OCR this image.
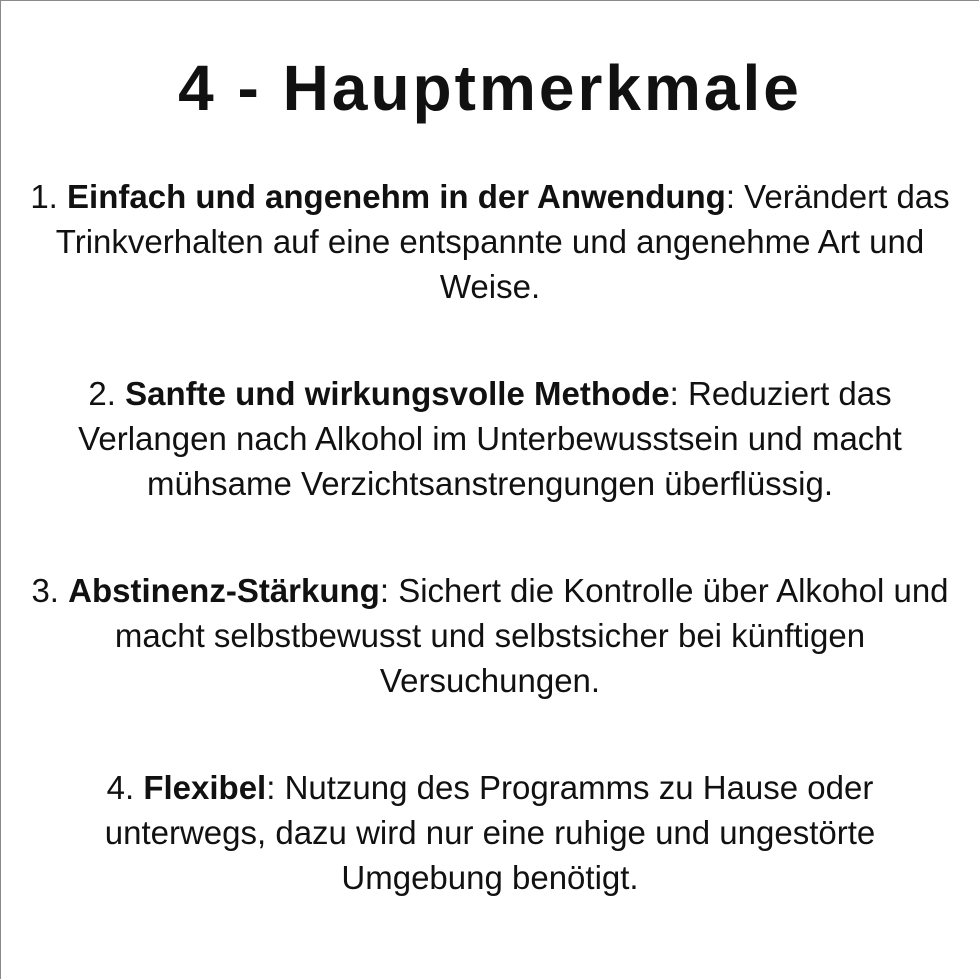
4 - Hauptmerkmale
1. Einfach und angenehm in der Anwendung: Verändert das Trinkverhalten auf eine entspannte und angenehme Art und Weise.
2. Sanfte und wirkungsvolle Methode: Reduziert das Verlangen nach Alkohol im Unterbewusstsein und macht mühsame Verzichtsanstrengungen überflüssig.
3. Abstinenz-Stärkung: Sichert die Kontrolle über Alkohol und macht selbstbewusst und selbstsicher bei künftigen Versuchungen.
4. Flexibel: Nutzung des Programms zu Hause oder unterwegs, dazu wird nur eine ruhige und ungestörte Umgebung benötigt.
